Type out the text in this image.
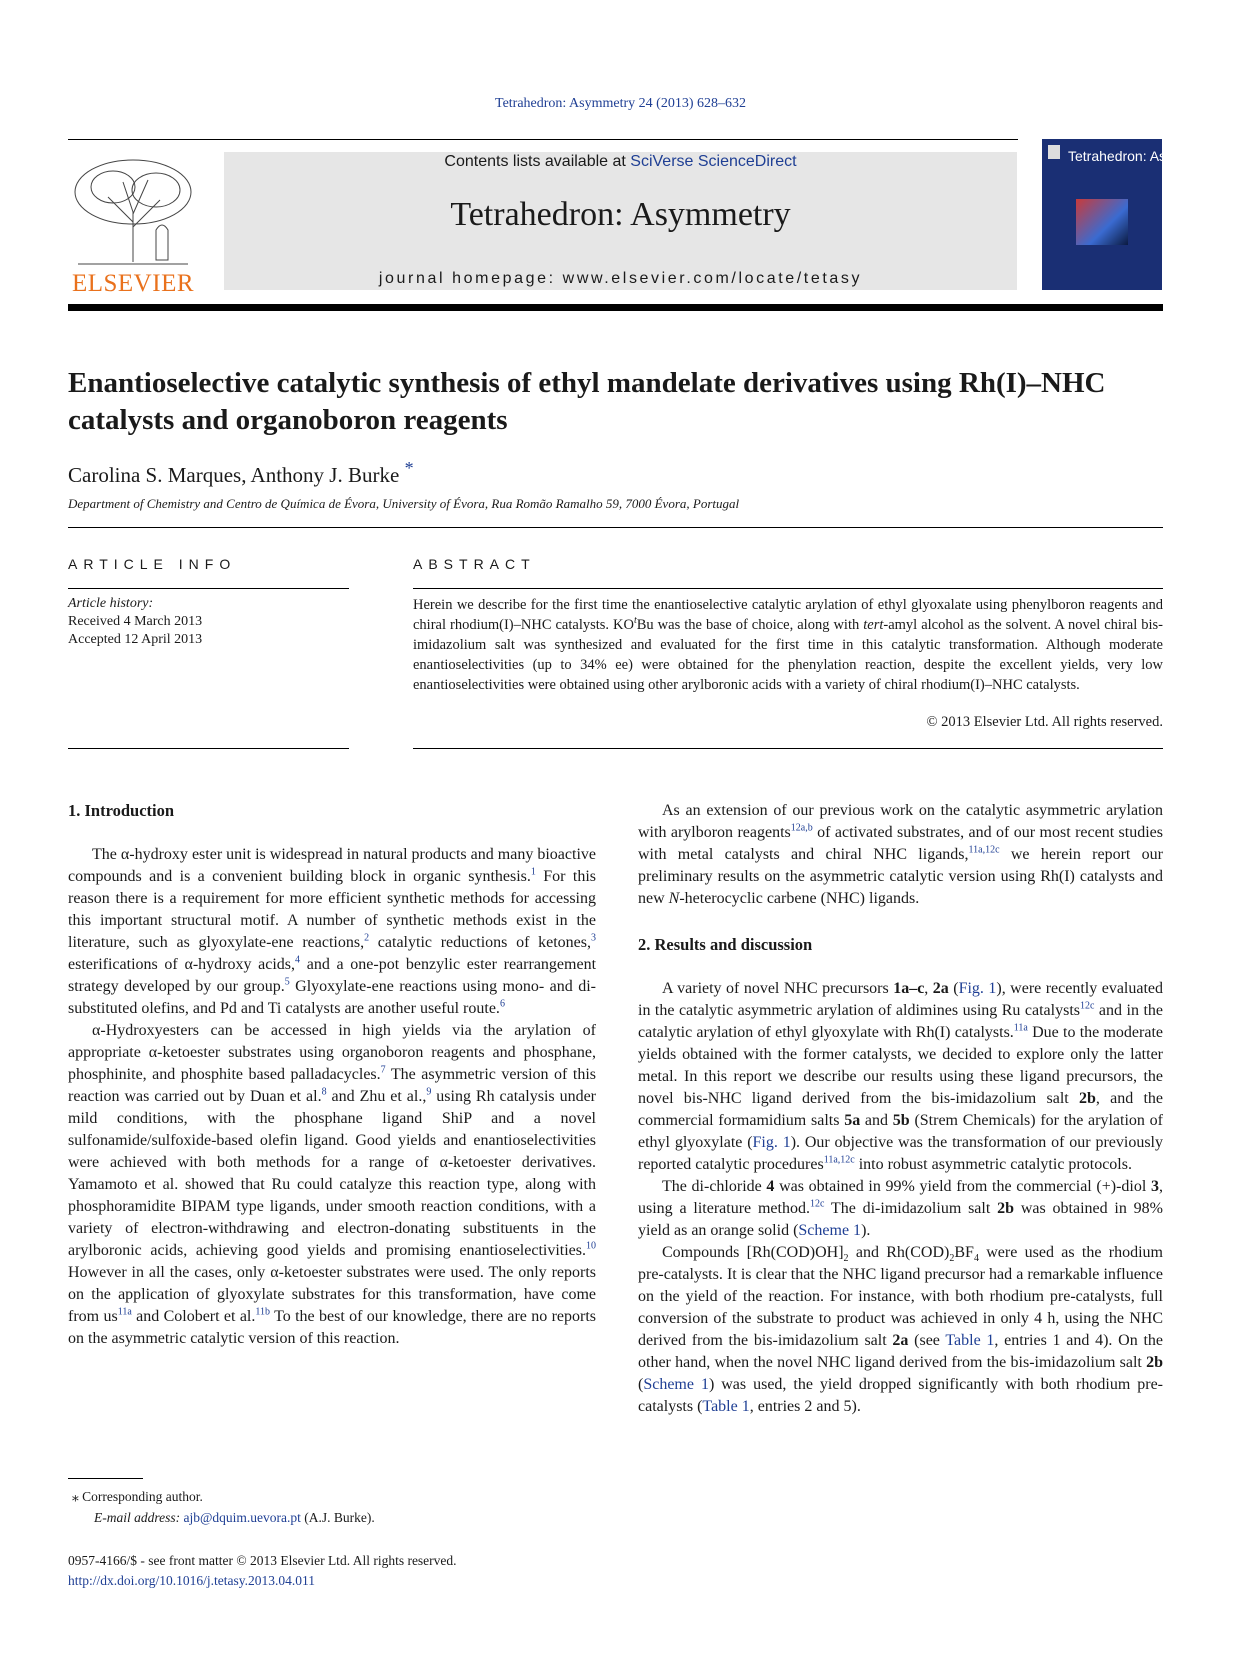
Tetrahedron: Asymmetry 24 (2013) 628–632
ELSEVIER
Contents lists available at SciVerse ScienceDirect
Tetrahedron: Asymmetry
journal homepage: www.elsevier.com/locate/tetasy
Tetrahedron: Asymmetry
Enantioselective catalytic synthesis of ethyl mandelate derivatives using Rh(I)–NHC catalysts and organoboron reagents
Carolina S. Marques, Anthony J. Burke *
Department of Chemistry and Centro de Química de Évora, University of Évora, Rua Romão Ramalho 59, 7000 Évora, Portugal
ARTICLE INFO
Article history:
Received 4 March 2013
Accepted 12 April 2013
ABSTRACT
Herein we describe for the first time the enantioselective catalytic arylation of ethyl glyoxalate using phenylboron reagents and chiral rhodium(I)–NHC catalysts. $KO^tBu$ was the base of choice, along with tert-amyl alcohol as the solvent. A novel chiral bis-imidazolium salt was synthesized and evaluated for the first time in this catalytic transformation. Although moderate enantioselectivities (up to 34% ee) were obtained for the phenylation reaction, despite the excellent yields, very low enantioselectivities were obtained using other arylboronic acids with a variety of chiral rhodium(I)–NHC catalysts.
© 2013 Elsevier Ltd. All rights reserved.
1. Introduction

The α-hydroxy ester unit is widespread in natural products and many bioactive compounds and is a convenient building block in organic synthesis.$^1$ For this reason there is a requirement for more efficient synthetic methods for accessing this important structural motif. A number of synthetic methods exist in the literature, such as glyoxylate-ene reactions,$^2$ catalytic reductions of ketones,$^3$ esterifications of α-hydroxy acids,$^4$ and a one-pot benzylic ester rearrangement strategy developed by our group.$^5$ Glyoxylate-ene reactions using mono- and di-substituted olefins, and Pd and Ti catalysts are another useful route.$^6$

α-Hydroxyesters can be accessed in high yields via the arylation of appropriate α-ketoester substrates using organoboron reagents and phosphane, phosphinite, and phosphite based palladacycles.$^7$ The asymmetric version of this reaction was carried out by Duan et al.$^8$ and Zhu et al.,$^9$ using Rh catalysis under mild conditions, with the phosphane ligand ShiP and a novel sulfonamide/sulfoxide-based olefin ligand. Good yields and enantioselectivities were achieved with both methods for a range of α-ketoester derivatives. Yamamoto et al. showed that Ru could catalyze this reaction type, along with phosphoramidite BIPAM type ligands, under smooth reaction conditions, with a variety of electron-withdrawing and electron-donating substituents in the arylboronic acids, achieving good yields and promising enantioselectivities.$^{10}$ However in all the cases, only α-ketoester substrates were used. The only reports on the application of glyoxylate substrates for this transformation, have come from $us^{11a}$ and Colobert et al.$^{11b}$ To the best of our knowledge, there are no reports on the asymmetric catalytic version of this reaction.

⁎ Corresponding author.
E-mail address: ajb@dquim.uevora.pt (A.J. Burke).
0957-4166/$ - see front matter © 2013 Elsevier Ltd. All rights reserved.
http://dx.doi.org/10.1016/j.tetasy.2013.04.011

As an extension of our previous work on the catalytic asymmetric arylation with arylboron reagents$^{12a,b}$ of activated substrates, and of our most recent studies with metal catalysts and chiral NHC ligands,$^{11a,12c}$ we herein report our preliminary results on the asymmetric catalytic version using Rh(I) catalysts and new N-heterocyclic carbene (NHC) ligands.

2. Results and discussion

A variety of novel NHC precursors 1a–c, 2a (Fig. 1), were recently evaluated in the catalytic asymmetric arylation of aldimines using Ru catalysts$^{12c}$ and in the catalytic arylation of ethyl glyoxylate with Rh(I) catalysts.$^{11a}$ Due to the moderate yields obtained with the former catalysts, we decided to explore only the latter metal. In this report we describe our results using these ligand precursors, the novel bis-NHC ligand derived from the bis-imidazolium salt 2b, and the commercial formamidium salts 5a and 5b (Strem Chemicals) for the arylation of ethyl glyoxylate (Fig. 1). Our objective was the transformation of our previously reported catalytic procedures$^{11a,12c}$ into robust asymmetric catalytic protocols.

The di-chloride 4 was obtained in 99% yield from the commercial (+)-diol 3, using a literature method.$^{12c}$ The di-imidazolium salt 2b was obtained in 98% yield as an orange solid (Scheme 1).

Compounds $[Rh(COD)OH]_2$ and $Rh(COD)_2BF_4$ were used as the rhodium pre-catalysts. It is clear that the NHC ligand precursor had a remarkable influence on the yield of the reaction. For instance, with both rhodium pre-catalysts, full conversion of the substrate to product was achieved in only 4 h, using the NHC derived from the bis-imidazolium salt 2a (see Table 1, entries 1 and 4). On the other hand, when the novel NHC ligand derived from the bis-imidazolium salt 2b (Scheme 1) was used, the yield dropped significantly with both rhodium pre-catalysts (Table 1, entries 2 and 5).
